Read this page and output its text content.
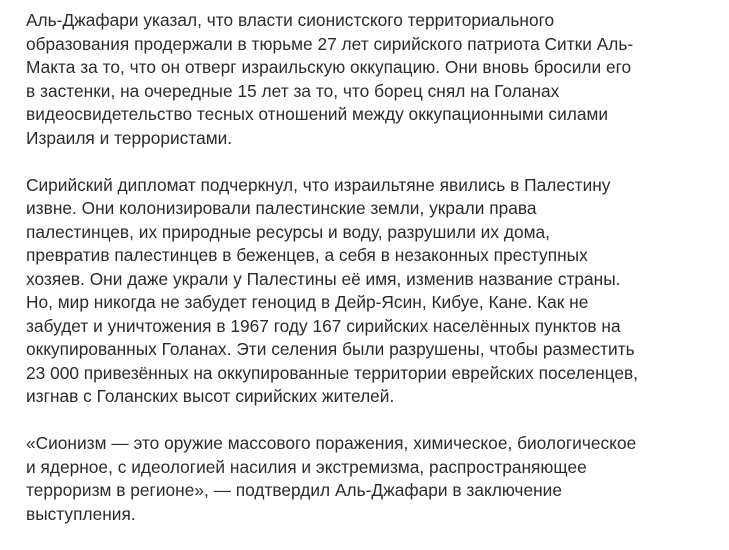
Аль-Джафари указал, что власти сионистского территориального
образования продержали в тюрьме 27 лет сирийского патриота Ситки Аль-
Макта за то, что он отверг израильскую оккупацию. Они вновь бросили его
в застенки, на очередные 15 лет за то, что борец снял на Голанах
видеосвидетельство тесных отношений между оккупационными силами
Израиля и террористами.

Сирийский дипломат подчеркнул, что израильтяне явились в Палестину
извне. Они колонизировали палестинские земли, украли права
палестинцев, их природные ресурсы и воду, разрушили их дома,
превратив палестинцев в беженцев, а себя в незаконных преступных
хозяев. Они даже украли у Палестины её имя, изменив название страны.
Но, мир никогда не забудет геноцид в Дейр-Ясин, Кибуе, Кане. Как не
забудет и уничтожения в 1967 году 167 сирийских населённых пунктов на
оккупированных Голанах. Эти селения были разрушены, чтобы разместить
23 000 привезённых на оккупированные территории еврейских поселенцев,
изгнав с Голанских высот сирийских жителей.

«Сионизм — это оружие массового поражения, химическое, биологическое
и ядерное, с идеологией насилия и экстремизма, распространяющее
терроризм в регионе», — подтвердил Аль-Джафари в заключение
выступления.
